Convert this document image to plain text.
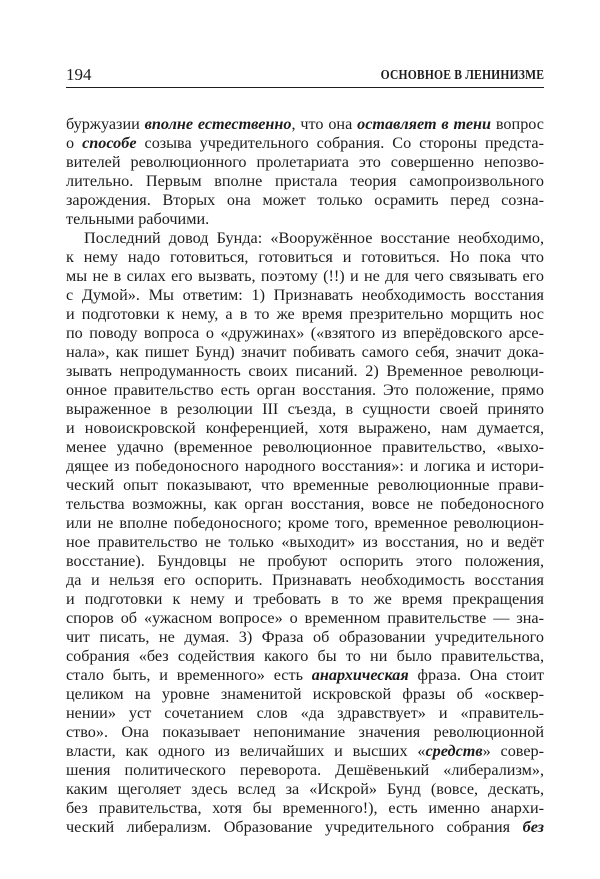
194	ОСНОВНОЕ В ЛЕНИНИЗМЕ
буржуазии вполне естественно, что она оставляет в тени вопрос
о способе созыва учредительного собрания. Со стороны предста-
вителей революционного пролетариата это совершенно непозво-
лительно. Первым вполне пристала теория самопроизвольного
зарождения. Вторых она может только осрамить перед сознa-
тельными рабочими.
Последний довод Бунда: «Вооружённое восстание необходимо,
к нему надо готовиться, готовиться и готовиться. Но пока что
мы не в силах его вызвать, поэтому (!!) и не для чего связывать его
с Думой». Мы ответим: 1) Признавать необходимость восстания
и подготовки к нему, а в то же время презрительно морщить нос
по поводу вопроса о «дружинах» («взятого из вперёдовского арсе-
нала», как пишет Бунд) значит побивать самого себя, значит дока-
зывать непродуманность своих писаний. 2) Временное революци-
онное правительство есть орган восстания. Это положение, прямо
выраженное в резолюции III съезда, в сущности своей принято
и новоискровской конференцией, хотя выражено, нам думается,
менее удачно (временное революционное правительство, «выхо-
дящее из победоносного народного восстания»: и логика и истори-
ческий опыт показывают, что временные революционные прави-
тельства возможны, как орган восстания, вовсе не победоносного
или не вполне победоносного; кроме того, временное революцион-
ное правительство не только «выходит» из восстания, но и ведёт
восстание). Бундовцы не пробуют оспорить этого положения,
да и нельзя его оспорить. Признавать необходимость восстания
и подготовки к нему и требовать в то же время прекращения
споров об «ужасном вопросе» о временном правительстве — зна-
чит писать, не думая. 3) Фраза об образовании учредительного
собрания «без содействия какого бы то ни было правительства,
стало быть, и временного» есть анархическая фраза. Она стоит
целиком на уровне знаменитой искровской фразы об «осквер-
нении» уст сочетанием слов «да здравствует» и «правитель-
ство». Она показывает непонимание значения революционной
власти, как одного из величайших и высших «средств» совер-
шения политического переворота. Дешёвенький «либерализм»,
каким щеголяет здесь вслед за «Искрой» Бунд (вовсе, дескать,
без правительства, хотя бы временного!), есть именно анархи-
ческий либерализм. Образование учредительного собрания без
